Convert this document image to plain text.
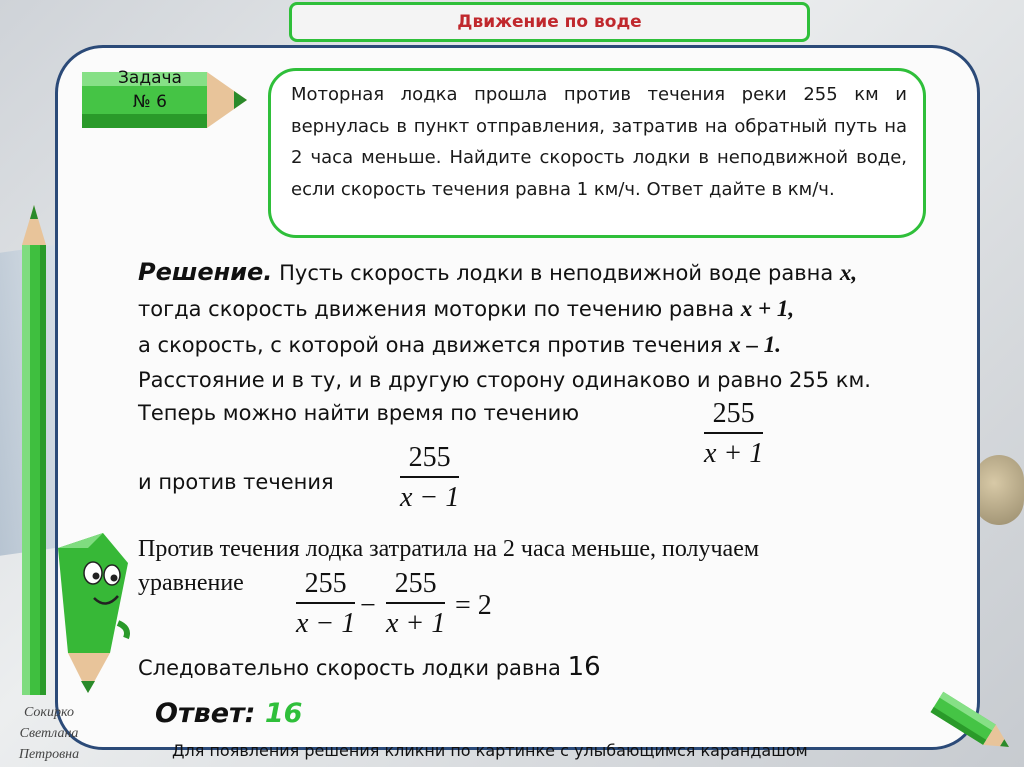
Движение по воде
Задача
№ 6	Моторная лодка прошла против течения реки 255 км и вернулась в пункт отправления, затратив на обратный путь на 2 часа меньше. Найдите скорость лодки в неподвижной воде, если скорость течения равна 1 км/ч. Ответ дайте в км/ч.
Решение. Пусть скорость лодки в неподвижной воде равна x,
тогда скорость движения моторки по течению равна x + 1,
а скорость, с которой она движется против течения x – 1.
Расстояние и в ту, и в другую сторону одинаково и равно 255 км.
Теперь можно найти время по течению	255
x + 1
и против течения
255
x − 1
Против течения лодка затратила на 2 часа меньше, получаем
уравнение	255
x − 1
−
255
x + 1
= 2
Следовательно скорость лодки равна 16
Ответ: 16
Для появления решения кликни по картинке с улыбающимся карандашом
Сокирко
Светлана
Петровна
